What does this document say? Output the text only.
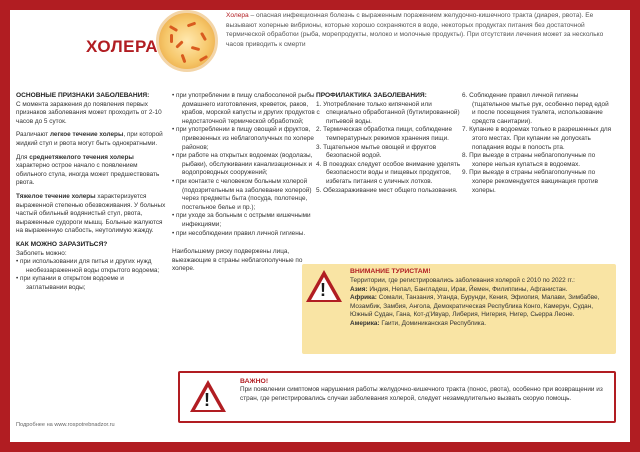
ХОЛЕРА
Холера – опасная инфекционная болезнь с выраженным поражением желудочно-кишечного тракта (диарея, рвота). Ее вызывают холерные вибрионы, которые хорошо сохраняются в воде, некоторых продуктах питания без достаточной термической обработки (рыба, морепродукты, молоко и молочные продукты). При отсутствии лечения может за несколько часов приводить к смерти
ОСНОВНЫЕ ПРИЗНАКИ ЗАБОЛЕВАНИЯ:
С момента заражения до появления первых признаков заболевания может проходить от 2-10 часов до 5 суток.
Различают легкое течение холеры, при которой жидкий стул и рвота могут быть однократными.
Для среднетяжелого течения холеры характерно острое начало с появлением обильного стула, иногда может предшествовать рвота.
Тяжелое течение холеры характеризуется выраженной степенью обезвоживания. У больных частый обильный водянистый стул, рвота, выраженные судороги мышц. Больные жалуются на выраженную слабость, неутолимую жажду.
КАК МОЖНО ЗАРАЗИТЬСЯ?
Заболеть можно:
• при использовании для питья и других нужд необеззараженной воды открытого водоема;
• при купании в открытом водоеме и заглатывании воды;
• при употреблении в пищу слабосоленой рыбы домашнего изготовления, креветок, раков, крабов, морской капусты и других продуктов с недостаточной термической обработкой;
• при употреблении в пищу овощей и фруктов, привезенных из неблагополучных по холере районов;
• при работе на открытых водоемах (водолазы, рыбаки), обслуживании канализационных и водопроводных сооружений;
• при контакте с человеком больным холерой (подозрительным на заболевание холерой) через предметы быта (посуда, полотенце, постельное белье и пр.);
• при уходе за больным с острыми кишечными инфекциями;
• при несоблюдении правил личной гигиены.
Наибольшему риску подвержены лица, выезжающие в страны неблагополучные по холере.
ПРОФИЛАКТИКА ЗАБОЛЕВАНИЯ:
1. Употребление только кипяченой или специально обработанной (бутилированной) питьевой воды.
2. Термическая обработка пищи, соблюдение температурных режимов хранения пищи.
3. Тщательное мытье овощей и фруктов безопасной водой.
4. В поездках следует особое внимание уделять безопасности воды и пищевых продуктов, избегать питания с уличных лотков.
5. Обеззараживание мест общего пользования.
6. Соблюдение правил личной гигиены (тщательное мытье рук, особенно перед едой и после посещения туалета, использование средств санитарии).
7. Купание в водоемах только в разрешенных для этого местах. При купании не допускать попадания воды в полость рта.
8. При выезде в страны неблагополучные по холере нельзя купаться в водоемах.
9. При выезде в страны неблагополучные по холере рекомендуется вакцинация против холеры.
!
ВНИМАНИЕ ТУРИСТАМ!
Территории, где регистрировались заболевания холерой с 2010 по 2022 гг.:
Азия: Индия, Непал, Бангладеш, Ирак, Йемен, Филиппины, Афганистан.
Африка: Сомали, Танзания, Уганда, Бурунди, Кения, Эфиопия, Малави, Зимбабве, Мозамбик, Замбия, Ангола, Демократическая Республика Конго, Камерун, Судан, Южный Судан, Гана, Кот-д'Ивуар, Либерия, Нигерия, Нигер, Сьерра Леоне.
Америка: Гаити, Доминиканская Республика.
!
ВАЖНО!
При появлении симптомов нарушения работы желудочно-кишечного тракта (понос, рвота), особенно при возвращении из стран, где регистрировались случаи заболевания холерой, следует незамедлительно вызвать скорую помощь.
Подробнее на www.rospotrebnadzor.ru
